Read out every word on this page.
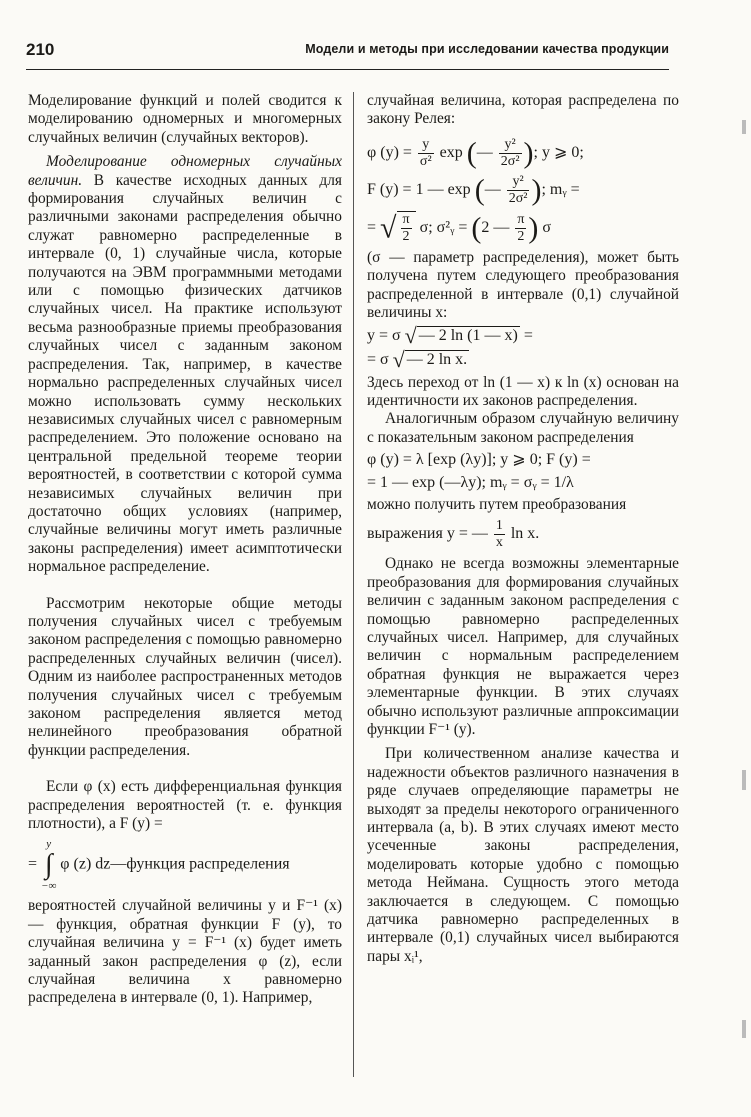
210	Модели и методы при исследовании качества продукции

Моделирование функций и полей сводится к моделированию одномерных и многомерных случайных величин (случайных векторов).

Моделирование одномерных случайных величин. В качестве исходных данных для формирования случайных величин с различными законами распределения обычно служат равномерно распределенные в интервале (0, 1) случайные числа, которые получаются на ЭВМ программными методами или с помощью физических датчиков случайных чисел. На практике используют весьма разнообразные приемы преобразования случайных чисел с заданным законом распределения. Так, например, в качестве нормально распределенных случайных чисел можно использовать сумму нескольких независимых случайных чисел с равномерным распределением. Это положение основано на центральной предельной теореме теории вероятностей, в соответствии с которой сумма независимых случайных величин при достаточно общих условиях (например, случайные величины могут иметь различные законы распределения) имеет асимптотически нормальное распределение.

Рассмотрим некоторые общие методы получения случайных чисел с требуемым законом распределения с помощью равномерно распределенных случайных величин (чисел). Одним из наиболее распространенных методов получения случайных чисел с требуемым законом распределения является метод нелинейного преобразования обратной функции распределения.

Если φ (x) есть дифференциальная функция распределения вероятностей (т. е. функция плотности), а F (y) =

=
y
∫
−∞
φ (z) dz—функция распределения

вероятностей случайной величины y и F⁻¹ (x) — функция, обратная функции F (y), то случайная величина y = F⁻¹ (x) будет иметь заданный закон распределения φ (z), если случайная величина x равномерно распределена в интервале (0, 1). Например,

случайная величина, которая распределена по закону Релея:

φ $(y) = \frac{y}{\text{σ²}}$ exp (— $\frac{\text{y²}}{\text{2σ²}}$ ); y ⩾ 0;
F (y) = 1 — exp (— $\frac{\text{y²}}{\text{2σ²}}$ ); mᵧ =
= √ $\frac{\pi}{2} \sigma$; σ²ᵧ = (2 — $\frac{\pi}{2}$ ) σ

(σ — параметр распределения), может быть получена путем следующего преобразования распределенной в интервале (0,1) случайной величины x:

y = σ √ — 2 ln (1 — x) =
= σ √ — 2 ln x.

Здесь переход от ln (1 — x) к ln (x) основан на идентичности их законов распределения.

Аналогичным образом случайную величину с показательным законом распределения

φ (y) = λ [exp (λy)]; y ⩾ 0; F (y) =
= 1 — exp (—λy); mᵧ = σᵧ = 1/λ

можно получить путем преобразования

выражения y = — $\frac{1}{x}$ ln x.

Однако не всегда возможны элементарные преобразования для формирования случайных величин с заданным законом распределения с помощью равномерно распределенных случайных чисел. Например, для случайных величин с нормальным распределением обратная функция не выражается через элементарные функции. В этих случаях обычно используют различные аппроксимации функции F⁻¹ (y).

При количественном анализе качества и надежности объектов различного назначения в ряде случаев определяющие параметры не выходят за пределы некоторого ограниченного интервала (a, b). В этих случаях имеют место усеченные законы распределения, моделировать которые удобно с помощью метода Неймана. Сущность этого метода заключается в следующем. С помощью датчика равномерно распределенных в интервале (0,1) случайных чисел выбираются пары xᵢ¹,
